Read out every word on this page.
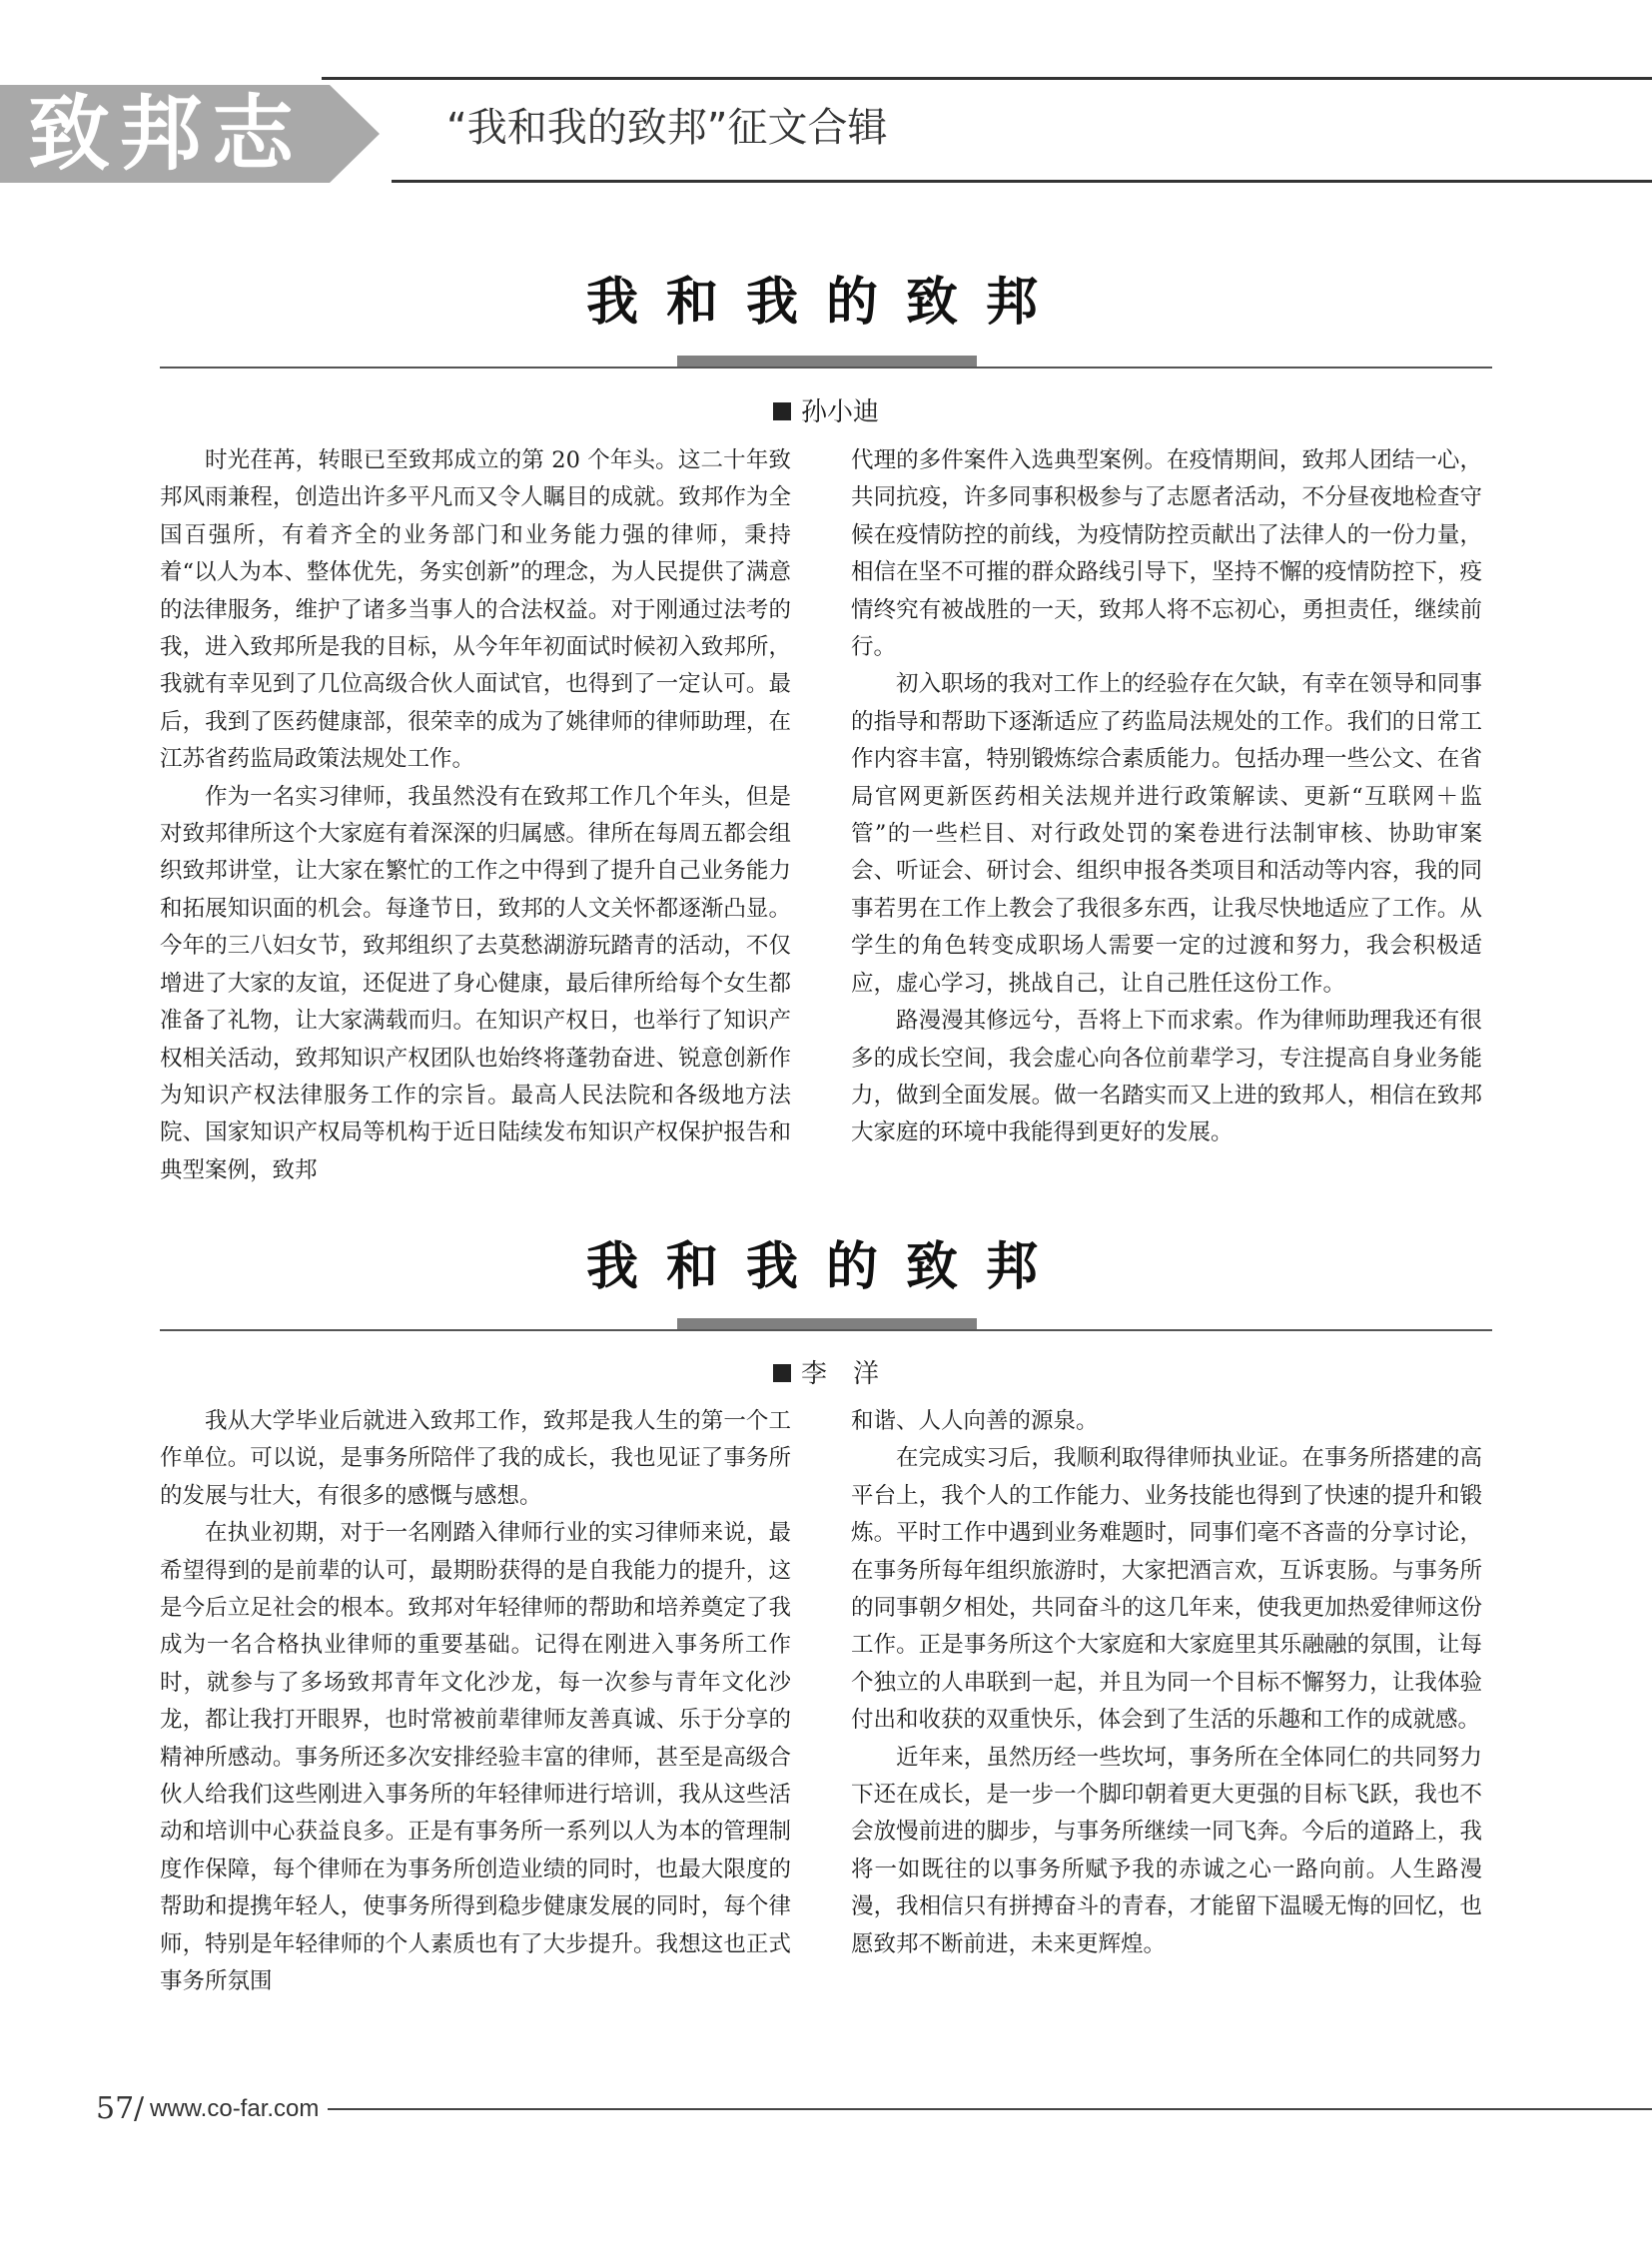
致邦志	“我和我的致邦”征文合辑
我和我的致邦
孙小迪

时光荏苒，转眼已至致邦成立的第 20 个年头。这二十年致邦风雨兼程，创造出许多平凡而又令人瞩目的成就。致邦作为全国百强所，有着齐全的业务部门和业务能力强的律师，秉持着“以人为本、整体优先，务实创新”的理念，为人民提供了满意的法律服务，维护了诸多当事人的合法权益。对于刚通过法考的我，进入致邦所是我的目标，从今年年初面试时候初入致邦所，我就有幸见到了几位高级合伙人面试官，也得到了一定认可。最后，我到了医药健康部，很荣幸的成为了姚律师的律师助理，在江苏省药监局政策法规处工作。

作为一名实习律师，我虽然没有在致邦工作几个年头，但是对致邦律所这个大家庭有着深深的归属感。律所在每周五都会组织致邦讲堂，让大家在繁忙的工作之中得到了提升自己业务能力和拓展知识面的机会。每逢节日，致邦的人文关怀都逐渐凸显。今年的三八妇女节，致邦组织了去莫愁湖游玩踏青的活动，不仅增进了大家的友谊，还促进了身心健康，最后律所给每个女生都准备了礼物，让大家满载而归。在知识产权日，也举行了知识产权相关活动，致邦知识产权团队也始终将蓬勃奋进、锐意创新作为知识产权法律服务工作的宗旨。最高人民法院和各级地方法院、国家知识产权局等机构于近日陆续发布知识产权保护报告和典型案例，致邦

代理的多件案件入选典型案例。在疫情期间，致邦人团结一心，共同抗疫，许多同事积极参与了志愿者活动，不分昼夜地检查守候在疫情防控的前线，为疫情防控贡献出了法律人的一份力量，相信在坚不可摧的群众路线引导下，坚持不懈的疫情防控下，疫情终究有被战胜的一天，致邦人将不忘初心，勇担责任，继续前行。

初入职场的我对工作上的经验存在欠缺，有幸在领导和同事的指导和帮助下逐渐适应了药监局法规处的工作。我们的日常工作内容丰富，特别锻炼综合素质能力。包括办理一些公文、在省局官网更新医药相关法规并进行政策解读、更新“互联网＋监管”的一些栏目、对行政处罚的案卷进行法制审核、协助审案会、听证会、研讨会、组织申报各类项目和活动等内容，我的同事若男在工作上教会了我很多东西，让我尽快地适应了工作。从学生的角色转变成职场人需要一定的过渡和努力，我会积极适应，虚心学习，挑战自己，让自己胜任这份工作。

路漫漫其修远兮，吾将上下而求索。作为律师助理我还有很多的成长空间，我会虚心向各位前辈学习，专注提高自身业务能力，做到全面发展。做一名踏实而又上进的致邦人，相信在致邦大家庭的环境中我能得到更好的发展。

我和我的致邦
李　洋

我从大学毕业后就进入致邦工作，致邦是我人生的第一个工作单位。可以说，是事务所陪伴了我的成长，我也见证了事务所的发展与壮大，有很多的感慨与感想。

在执业初期，对于一名刚踏入律师行业的实习律师来说，最希望得到的是前辈的认可，最期盼获得的是自我能力的提升，这是今后立足社会的根本。致邦对年轻律师的帮助和培养奠定了我成为一名合格执业律师的重要基础。记得在刚进入事务所工作时，就参与了多场致邦青年文化沙龙，每一次参与青年文化沙龙，都让我打开眼界，也时常被前辈律师友善真诚、乐于分享的精神所感动。事务所还多次安排经验丰富的律师，甚至是高级合伙人给我们这些刚进入事务所的年轻律师进行培训，我从这些活动和培训中心获益良多。正是有事务所一系列以人为本的管理制度作保障，每个律师在为事务所创造业绩的同时，也最大限度的帮助和提携年轻人，使事务所得到稳步健康发展的同时，每个律师，特别是年轻律师的个人素质也有了大步提升。我想这也正式事务所氛围

和谐、人人向善的源泉。

在完成实习后，我顺利取得律师执业证。在事务所搭建的高平台上，我个人的工作能力、业务技能也得到了快速的提升和锻炼。平时工作中遇到业务难题时，同事们毫不吝啬的分享讨论，在事务所每年组织旅游时，大家把酒言欢，互诉衷肠。与事务所的同事朝夕相处，共同奋斗的这几年来，使我更加热爱律师这份工作。正是事务所这个大家庭和大家庭里其乐融融的氛围，让每个独立的人串联到一起，并且为同一个目标不懈努力，让我体验付出和收获的双重快乐，体会到了生活的乐趣和工作的成就感。

近年来，虽然历经一些坎坷，事务所在全体同仁的共同努力下还在成长，是一步一个脚印朝着更大更强的目标飞跃，我也不会放慢前进的脚步，与事务所继续一同飞奔。今后的道路上，我将一如既往的以事务所赋予我的赤诚之心一路向前。人生路漫漫，我相信只有拼搏奋斗的青春，才能留下温暖无悔的回忆，也愿致邦不断前进，未来更辉煌。

57 / www.co-far.com
